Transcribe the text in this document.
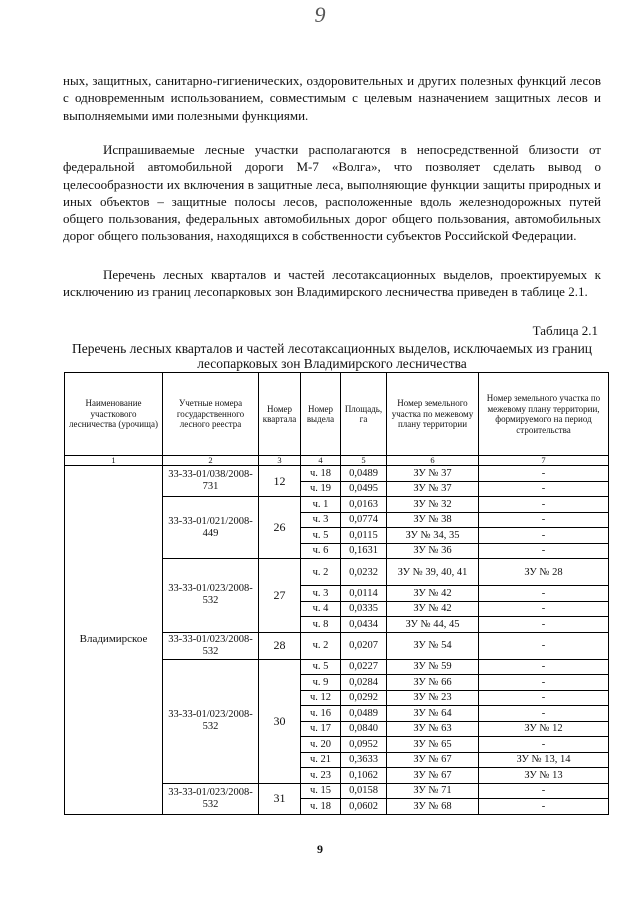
9
ных, защитных, санитарно-гигиенических, оздоровительных и других полезных функций лесов с одновременным использованием, совместимым с целевым назначением защитных лесов и выполняемыми ими полезными функциями.
Испрашиваемые лесные участки располагаются в непосредственной близости от федеральной автомобильной дороги М-7 «Волга», что позволяет сделать вывод о целесообразности их включения в защитные леса, выполняющие функции защиты природных и иных объектов – защитные полосы лесов, расположенные вдоль железнодорожных путей общего пользования, федеральных автомобильных дорог общего пользования, автомобильных дорог общего пользования, находящихся в собственности субъектов Российской Федерации.
Перечень лесных кварталов и частей лесотаксационных выделов, проектируемых к исключению из границ лесопарковых зон Владимирского лесничества приведен в таблице 2.1.
Таблица 2.1
Перечень лесных кварталов и частей лесотаксационных выделов, исключаемых из границ лесопарковых зон Владимирского лесничества
Наименование участкового лесничества (урочища)	Учетные номера государственного лесного реестра	Номер квартала	Номер выдела	Площадь, га	Номер земельного участка по межевому плану территории	Номер земельного участка по межевому плану территории, формируемого на период строительства
1	2	3	4	5	6	7
Владимирское	33-33-01/038/2008-731	12	ч. 18	0,0489	ЗУ № 37	-
			ч. 19	0,0495	ЗУ № 37	-
	33-33-01/021/2008-449	26	ч. 1	0,0163	ЗУ № 32	-
			ч. 3	0,0774	ЗУ № 38	-
			ч. 5	0,0115	ЗУ № 34, 35	-
			ч. 6	0,1631	ЗУ № 36	-
	33-33-01/023/2008-532	27	ч. 2	0,0232	ЗУ № 39, 40, 41	ЗУ № 28
			ч. 3	0,0114	ЗУ № 42	-
			ч. 4	0,0335	ЗУ № 42	-
			ч. 8	0,0434	ЗУ № 44, 45	-
	33-33-01/023/2008-532	28	ч. 2	0,0207	ЗУ № 54	-
	33-33-01/023/2008-532	30	ч. 5	0,0227	ЗУ № 59	-
			ч. 9	0,0284	ЗУ № 66	-
			ч. 12	0,0292	ЗУ № 23	-
			ч. 16	0,0489	ЗУ № 64	-
			ч. 17	0,0840	ЗУ № 63	ЗУ № 12
			ч. 20	0,0952	ЗУ № 65	-
			ч. 21	0,3633	ЗУ № 67	ЗУ № 13, 14
			ч. 23	0,1062	ЗУ № 67	ЗУ № 13
	33-33-01/023/2008-532	31	ч. 15	0,0158	ЗУ № 71	-
			ч. 18	0,0602	ЗУ № 68	-
9
